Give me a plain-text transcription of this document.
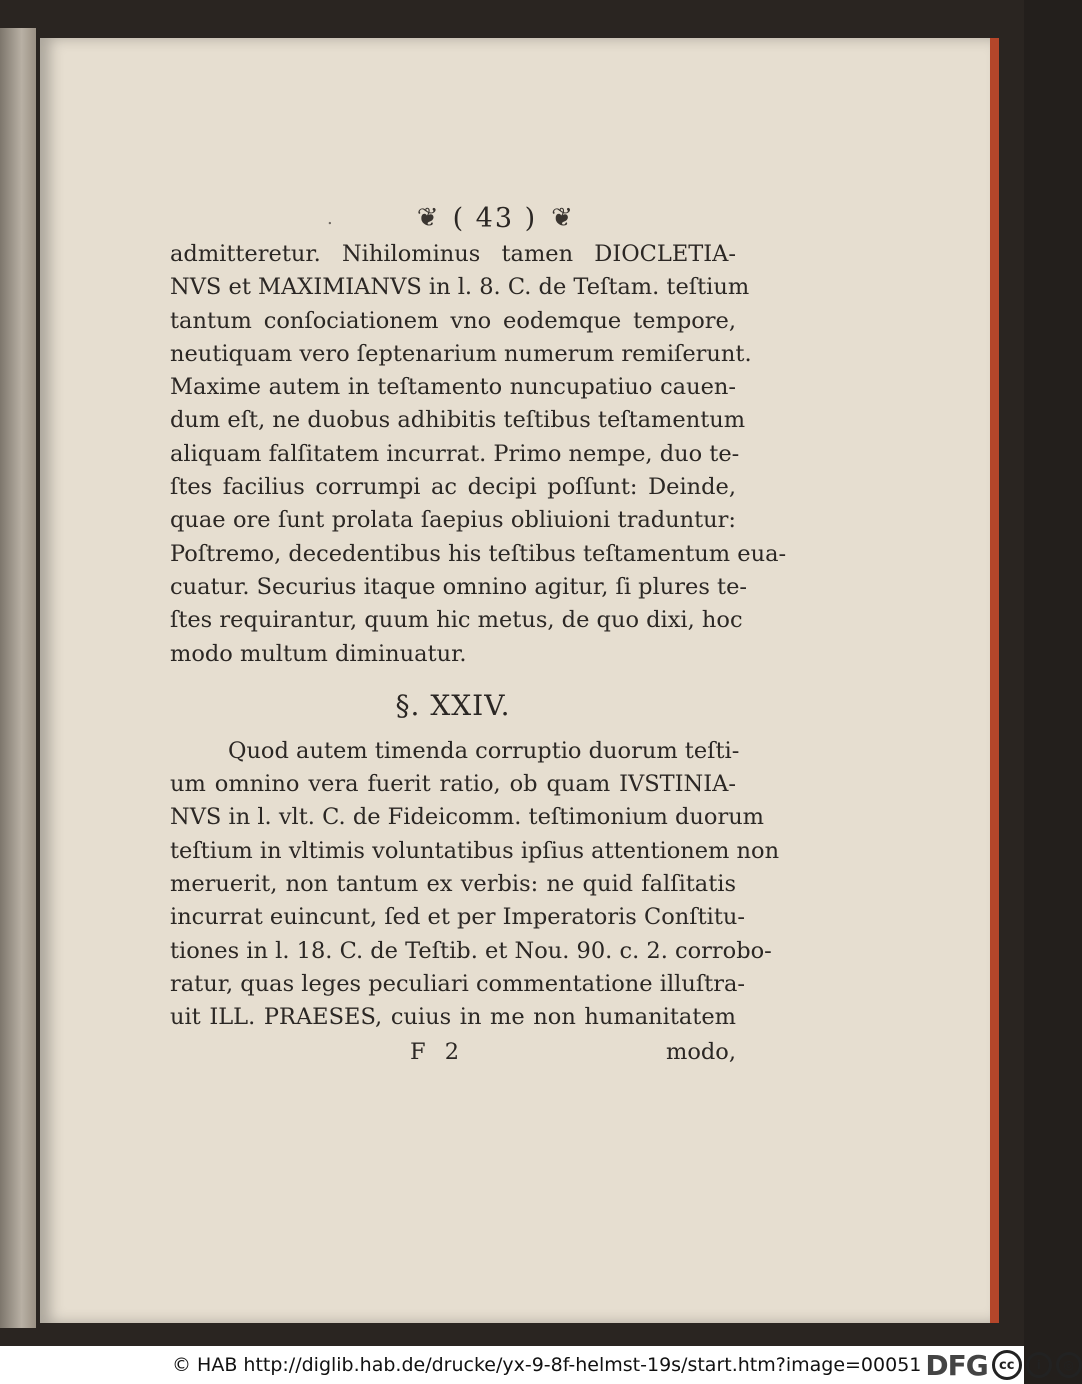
.	❦ ( 43 ) ❦
admitteretur. Nihilominus tamen DIOCLETIA-
NVS et MAXIMIANVS in l. 8. C. de Teſtam. teſtium
tantum conſociationem vno eodemque tempore,
neutiquam vero ſeptenarium numerum remiſerunt.
Maxime autem in teſtamento nuncupatiuo cauen-
dum eſt, ne duobus adhibitis teſtibus teſtamentum
aliquam falſitatem incurrat. Primo nempe, duo te-
ſtes facilius corrumpi ac decipi poſſunt: Deinde,
quae ore ſunt prolata ſaepius obliuioni traduntur:
Poſtremo, decedentibus his teſtibus teſtamentum eua-
cuatur. Securius itaque omnino agitur, ſi plures te-
ſtes requirantur, quum hic metus, de quo dixi, hoc
modo multum diminuatur.
§. XXIV.
Quod autem timenda corruptio duorum teſti-
um omnino vera fuerit ratio, ob quam IVSTINIA-
NVS in l. vlt. C. de Fideicomm. teſtimonium duorum
teſtium in vltimis voluntatibus ipſius attentionem non
meruerit, non tantum ex verbis: ne quid falſitatis
incurrat euincunt, ſed et per Imperatoris Conſtitu-
tiones in l. 18. C. de Teſtib. et Nou. 90. c. 2. corrobo-
ratur, quas leges peculiari commentatione illuſtra-
uit ILL. PRAESES, cuius in me non humanitatem
F 2	modo,
© HAB http://diglib.hab.de/drucke/yx-9-8f-helmst-19s/start.htm?image=00051 DFG cc	i	◎
